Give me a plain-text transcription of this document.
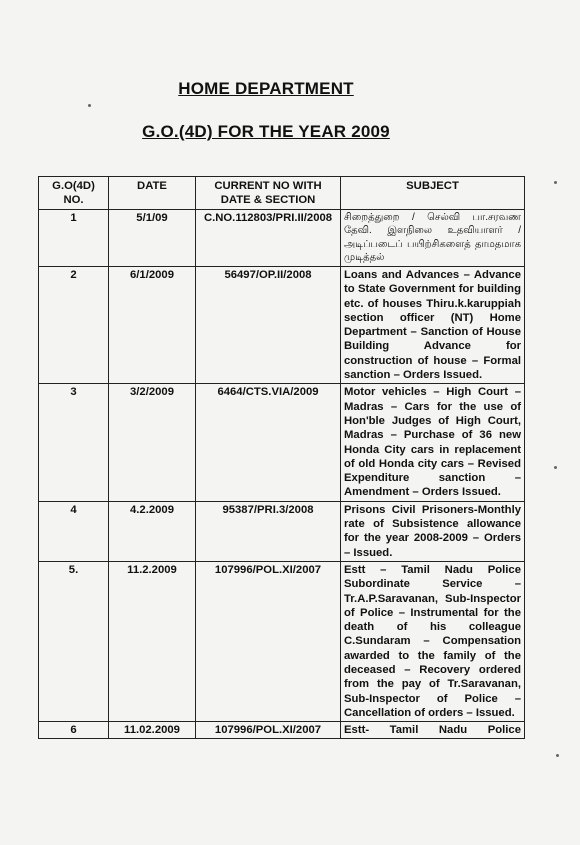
HOME DEPARTMENT
G.O.(4D) FOR THE YEAR 2009
G.O(4D) NO.	DATE	CURRENT NO WITH DATE & SECTION	SUBJECT
1	5/1/09	C.NO.112803/PRI.II/2008	சிறைத்துறை / செல்வி பா.சரவண தேவி. இளநிலை உதவியாளர் / அடிப்படைப் பயிற்சிகளைத் தாமதமாக முடித்தல்
2	6/1/2009	56497/OP.II/2008	Loans and Advances – Advance to State Government for building etc. of houses Thiru.k.karuppiah section officer (NT) Home Department – Sanction of House Building Advance for construction of house – Formal sanction – Orders Issued.
3	3/2/2009	6464/CTS.VIA/2009	Motor vehicles – High Court – Madras – Cars for the use of Hon'ble Judges of High Court, Madras – Purchase of 36 new Honda City cars in replacement of old Honda city cars – Revised Expenditure sanction – Amendment – Orders Issued.
4	4.2.2009	95387/PRI.3/2008	Prisons Civil Prisoners-Monthly rate of Subsistence allowance for the year 2008-2009 – Orders – Issued.
5.	11.2.2009	107996/POL.XI/2007	Estt – Tamil Nadu Police Subordinate Service – Tr.A.P.Saravanan, Sub-Inspector of Police – Instrumental for the death of his colleague C.Sundaram – Compensation awarded to the family of the deceased – Recovery ordered from the pay of Tr.Saravanan, Sub-Inspector of Police – Cancellation of orders – Issued.
6	11.02.2009	107996/POL.XI/2007	Estt- Tamil Nadu Police
